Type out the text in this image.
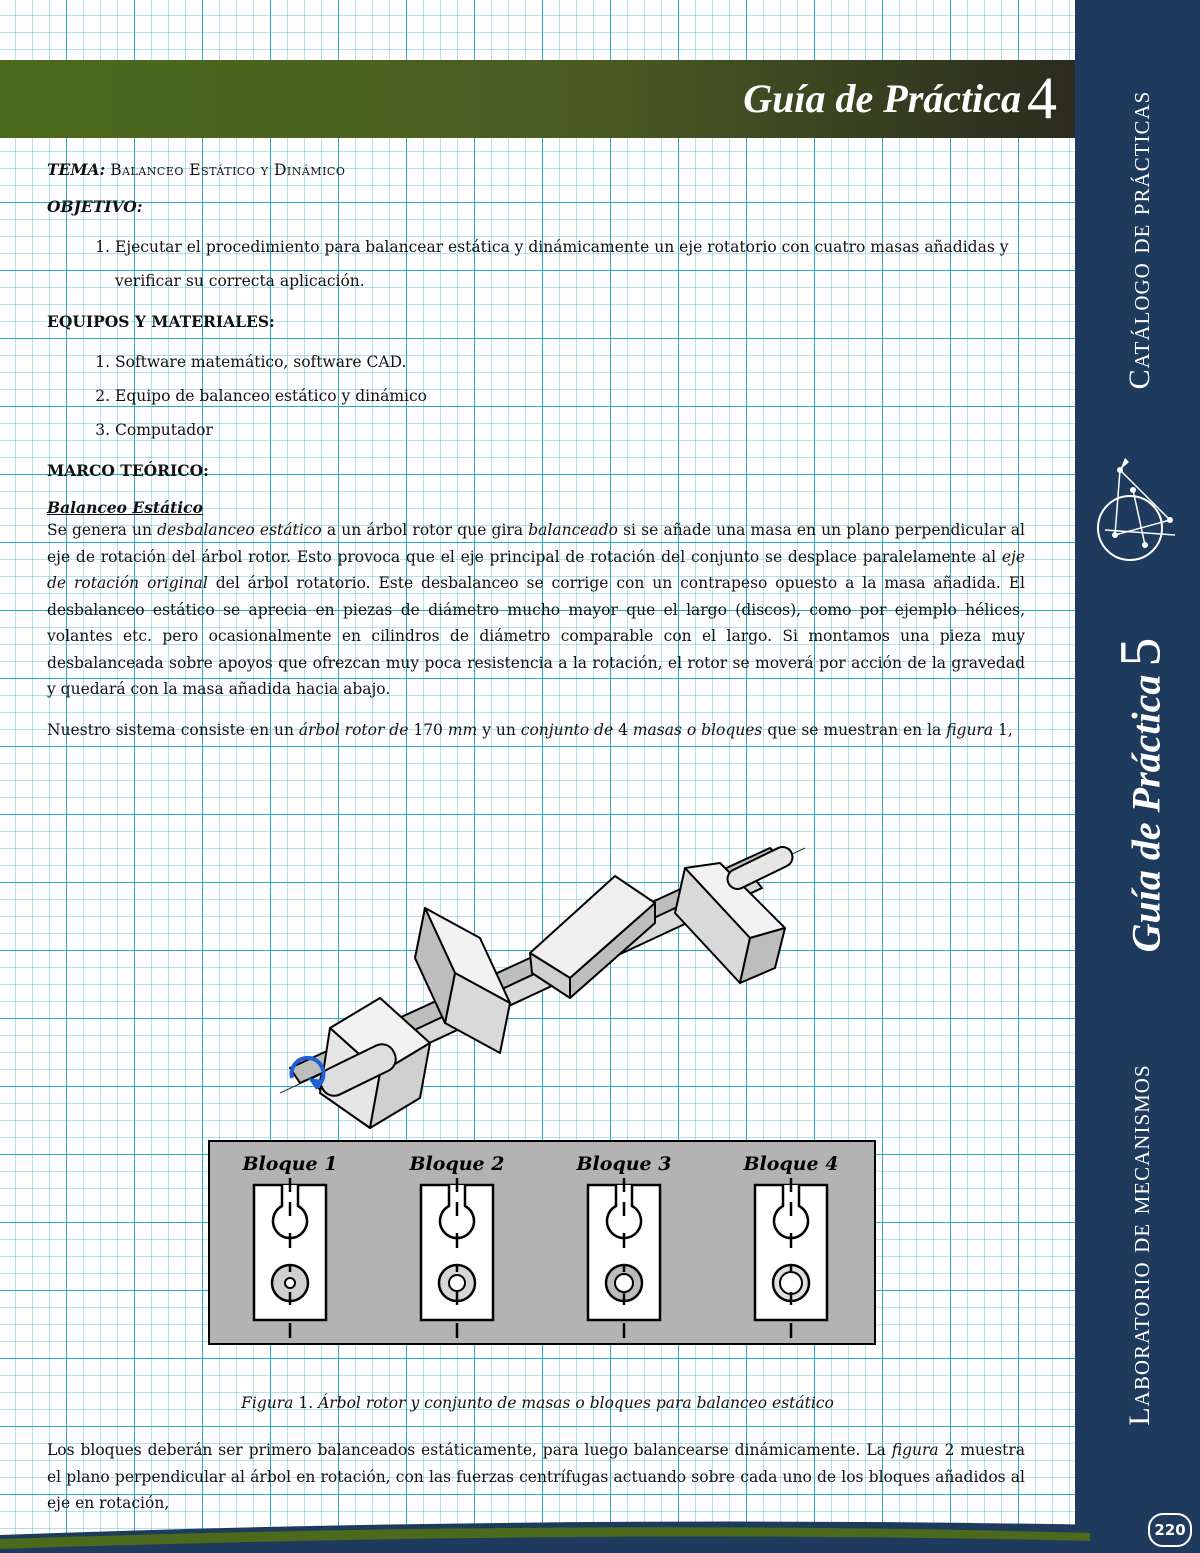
Catálogo de prácticas
Guía de Práctica5
Laboratorio de mecanismos
Guía de Práctica 4
TEMA: Balanceo Estático y Dinámico
OBJETIVO:
1. Ejecutar el procedimiento para balancear estática y dinámicamente un eje rotatorio con cuatro masas añadidas y verificar su correcta aplicación.
EQUIPOS Y MATERIALES:
1. Software matemático, software CAD.
2. Equipo de balanceo estático y dinámico
3. Computador
MARCO TEÓRICO:
Balanceo Estático

Se genera un desbalanceo estático a un árbol rotor que gira balanceado si se añade una masa en un plano perpendicular al eje de rotación del árbol rotor. Esto provoca que el eje principal de rotación del conjunto se desplace paralelamente al eje de rotación original del árbol rotatorio. Este desbalanceo se corrige con un contrapeso opuesto a la masa añadida. El desbalanceo estático se aprecia en piezas de diámetro mucho mayor que el largo (discos), como por ejemplo hélices, volantes etc. pero ocasionalmente en cilindros de diámetro comparable con el largo. Si montamos una pieza muy desbalanceada sobre apoyos que ofrezcan muy poca resistencia a la rotación, el rotor se moverá por acción de la gravedad y quedará con la masa añadida hacia abajo.

Nuestro sistema consiste en un árbol rotor de 170 mm y un conjunto de 4 masas o bloques que se muestran en la figura 1,

Bloque 1	Bloque 2	Bloque 3	Bloque 4
Figura 1. Árbol rotor y conjunto de masas o bloques para balanceo estático

Los bloques deberán ser primero balanceados estáticamente, para luego balancearse dinámicamente. La figura 2 muestra el plano perpendicular al árbol en rotación, con las fuerzas centrífugas actuando sobre cada uno de los bloques añadidos al eje en rotación,

220
